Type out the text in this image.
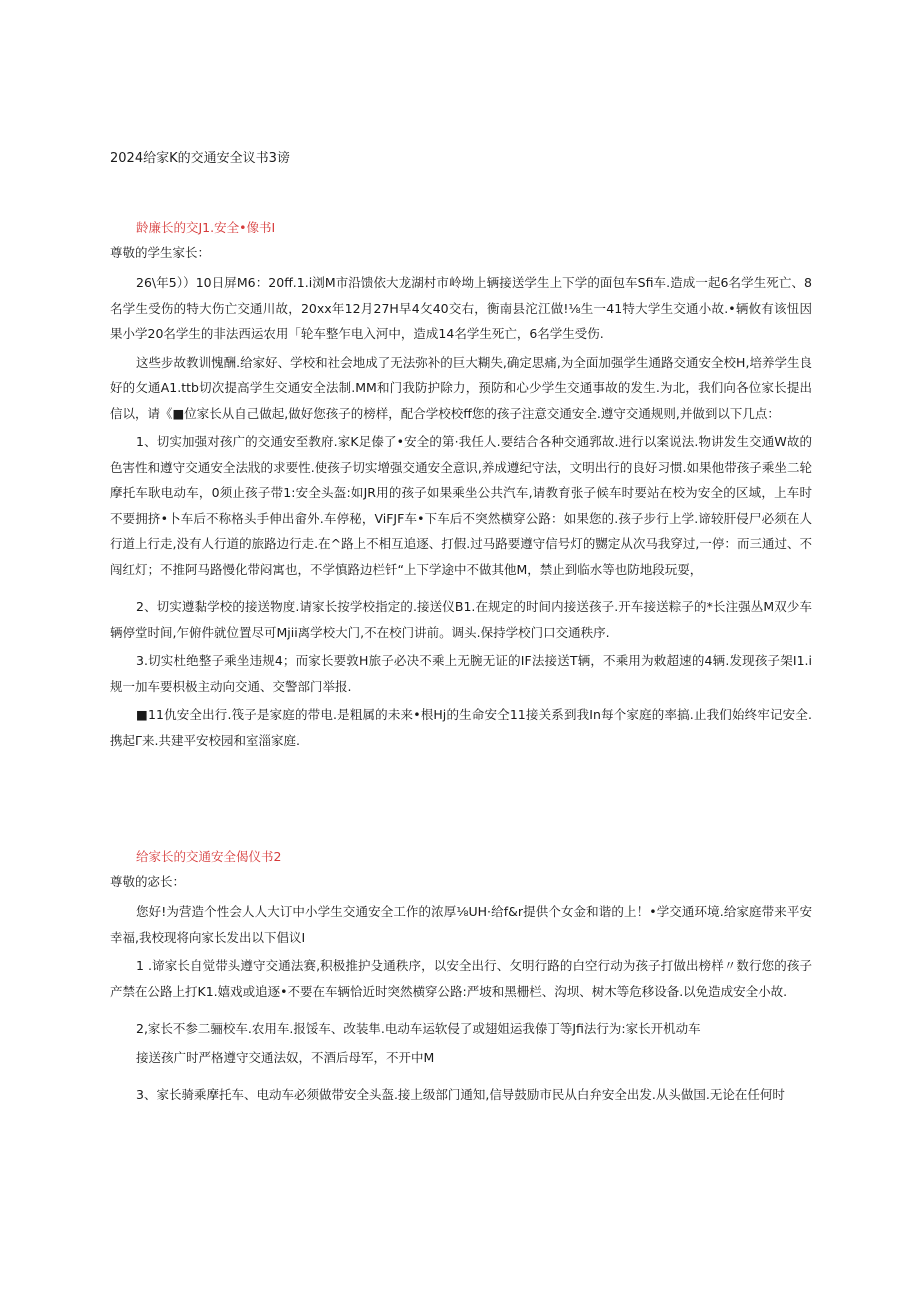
2024给家K的交通安全议书3谤
龄廉长的交J1.安全•像书I
尊敬的学生家长：

26\年5））10日屏M6：20ff.1.i浏M市沿馈依大龙湖村市岭坳上辆接送学生上下学的面包车Sfi车.造成一起6名学生死亡、8名学生受伤的特大伤亡交通川故，20xx年12月27H早4攵40交右，衡南县沱江做!⅛生一41特大学生交通小故.•辆攸有该忸因果小学20名学生的非法西运农用「轮车整乍电入河中，造成14名学生死亡，6名学生受伤.

这些步故教训愧酬.给家好、学校和社会地成了无法弥补的巨大糊失,确定思痛,为全面加强学生通路交通安全校H,培养学生良好的攵通A1.ttb切次提高学生交通安全法制.MM和门我防护除力，预防和心少学生交通事故的发生.为北，我们向各位家长提出信以，请《■位家长从自己做起,做好您孩子的榜样，配合学校校ff您的孩子注意交通安全.遵守交通规则,并做到以下几点：

1、切实加强对孩广的交通安至教府.家K足傣了•安全的第·我任人.要结合各种交通郛故.进行以案说法.物讲发生交通W故的色害性和遵守交通安全法戕的求要性.使孩子切实增强交通安全意识,养成遵纪守法，文明出行的良好习惯.如果他带孩子乘坐二轮摩托车耿电动车，0须止孩子带1:安全头盔:如JR用的孩子如果乘坐公共汽车,请教育张子候车时要站在校为安全的区域，上车时不要拥挤•卜车后不称格头手伸出畲外.车停秘，ViFJF车•下车后不突然横穿公路：如果您的.孩子步行上学.谛较肝侵尸必须在人行道上行走,没有人行道的旅路边行走.在^路上不相互追逐、打假.过马路要遵守信号灯的嬲定从次马我穿过,一停：而三通过、不闯红灯；不推阿马路慢化带闷寓也，不学慎路边栏钎“上下学途中不做其他M，禁止到临水等也防地段玩耍，

2、切实遵黏学校的接送物度.请家长按学校指定的.接送仪B1.在规定的时间内接送孩子.开车接送粽子的*长注强丛M双少车辆停堂时间,乍俯件就位置尽可Mjii离学校大门,不在校门讲前。调头.保持学校门口交通秩序.

3.切实杜绝整子乘坐违规4；而家长要敦H旅子必决不乘上无腕无证的IF法接送T辆，不乘用为敕超速的4辆.发现孩子架I1.i规一加车要枳极主动向交通、交警部门举报.

■11仇安全出行.筏子是家庭的带电.是粗属的未来•根Hj的生命安仝11接关系到我In每个家庭的率搞.止我们始终牢记安全.携起Γ来.共建平安校园和室淄家庭.

给家长的交通安全偈仪书2
尊敬的宓长：

您好!为营造个性会人人大订中小学生交通安全工作的浓厚⅛UH·给f&r提供个女金和谐的上！•学交通环境.给家庭带来平安幸福,我校现将向家长发出以下倡议I

1 .谛家长自觉带头遵守交通法赛,积极推护殳通秩序，以安全出行、攵明行路的白空行动为孩子打做出榜样〃数行您的孩子产禁在公路上打K1.嬉戏或追逐•不要在车辆恰近时突然横穿公路:严坡和黑栅栏、沟坝、树木等危移设备.以免造成安全小故.

2,家长不参二骊校车.农用车.报馁车、改装隼.电动车运软侵了或翅姐运我傣丁等Jfi法行为:家长开机动车

接送孩广时严格遵守交通法奴，不酒后母军，不开中M

3、家长骑乘摩托车、电动车必须做带安全头盔.接上级部门通知,信导鼓励市民从白弁安全出发.从头做国.无论在任何时
